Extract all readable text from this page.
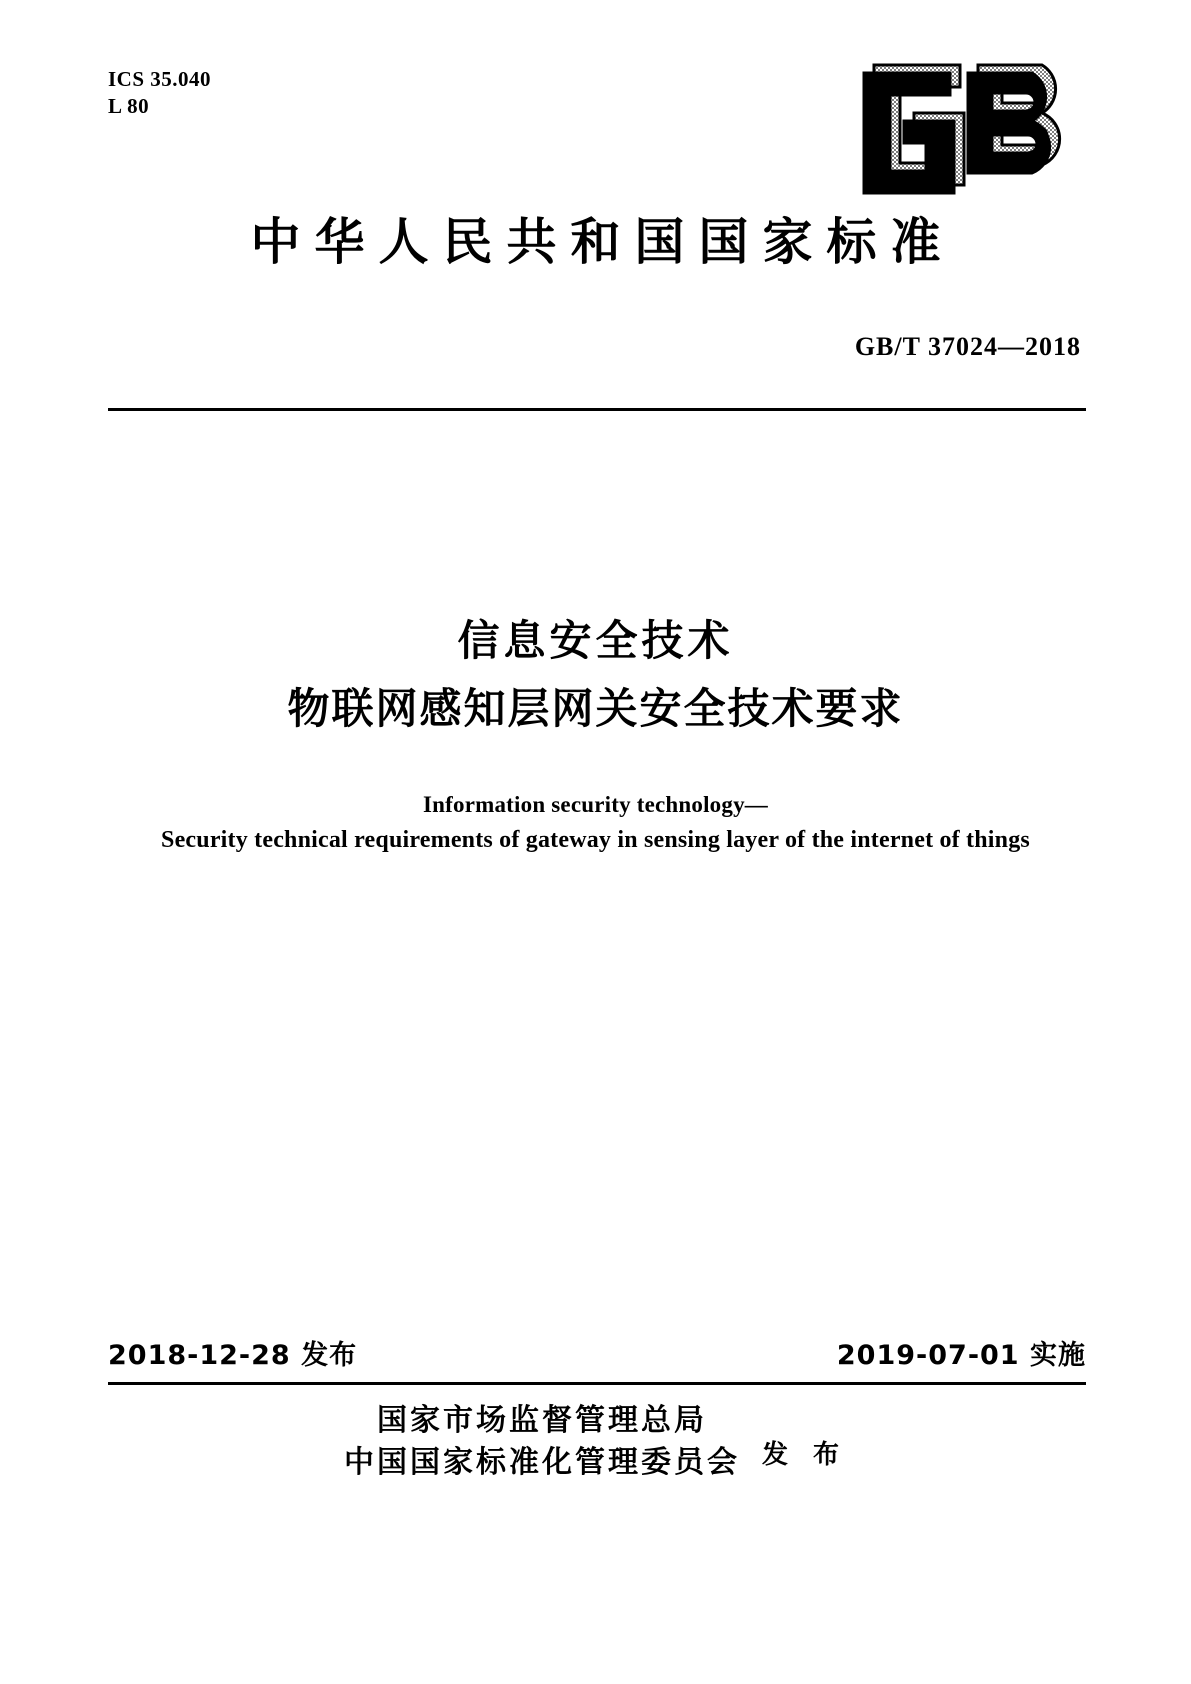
ICS 35.040
L 80
中华人民共和国国家标准
GB/T 37024—2018
信息安全技术
物联网感知层网关安全技术要求
Information security technology—
Security technical requirements of gateway in sensing layer of the internet of things
2018-12-28 发布	2019-07-01 实施
国家市场监督管理总局
中国国家标准化管理委员会 发 布
